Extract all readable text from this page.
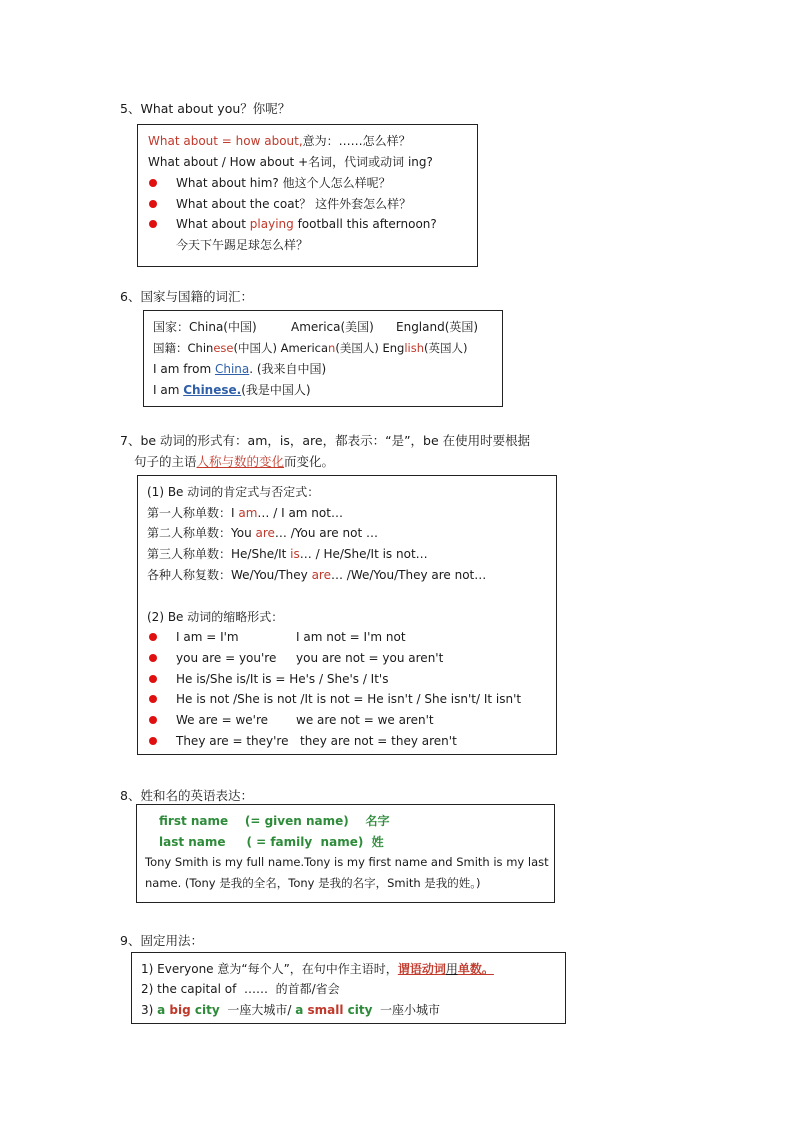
5、What about you？你呢？
What about = how about,意为：……怎么样？
What about / How about +名词，代词或动词 ing?
What about him? 他这个人怎么样呢？
What about the coat？ 这件外套怎么样？
What about playing football this afternoon?
今天下午踢足球怎么样？
6、国家与国籍的词汇：
国家：China(中国)	America(美国) England(英国)
国籍：Chinese(中国人) American(美国人) English(英国人)
I am from China. (我来自中国)
I am Chinese.(我是中国人)
7、be 动词的形式有：am，is，are，都表示：“是”，be 在使用时要根据
句子的主语人称与数的变化而变化。
(1) Be 动词的肯定式与否定式：
第一人称单数：I am… / I am not…
第二人称单数：You are… /You are not …
第三人称单数：He/She/It is… / He/She/It is not…
各种人称复数：We/You/They are… /We/You/They are not…
(2) Be 动词的缩略形式：
I am = I'm	I am not = I'm not
you are = you're you are not = you aren't
He is/She is/It is = He's / She's / It's
He is not /She is not /It is not = He isn't / She isn't/ It isn't
We are = we're we are not = we aren't
They are = they're they are not = they aren't
8、姓和名的英语表达：
first name    (= given name)    名字
last name     ( = family  name)  姓
Tony Smith is my full name.Tony is my first name and Smith is my last
name. (Tony 是我的全名，Tony 是我的名字，Smith 是我的姓。)
9、固定用法：
1) Everyone 意为“每个人”，在句中作主语时，谓语动词用单数。
2) the capital of  ……  的首都/省会
3) a big city  一座大城市/ a small city  一座小城市
